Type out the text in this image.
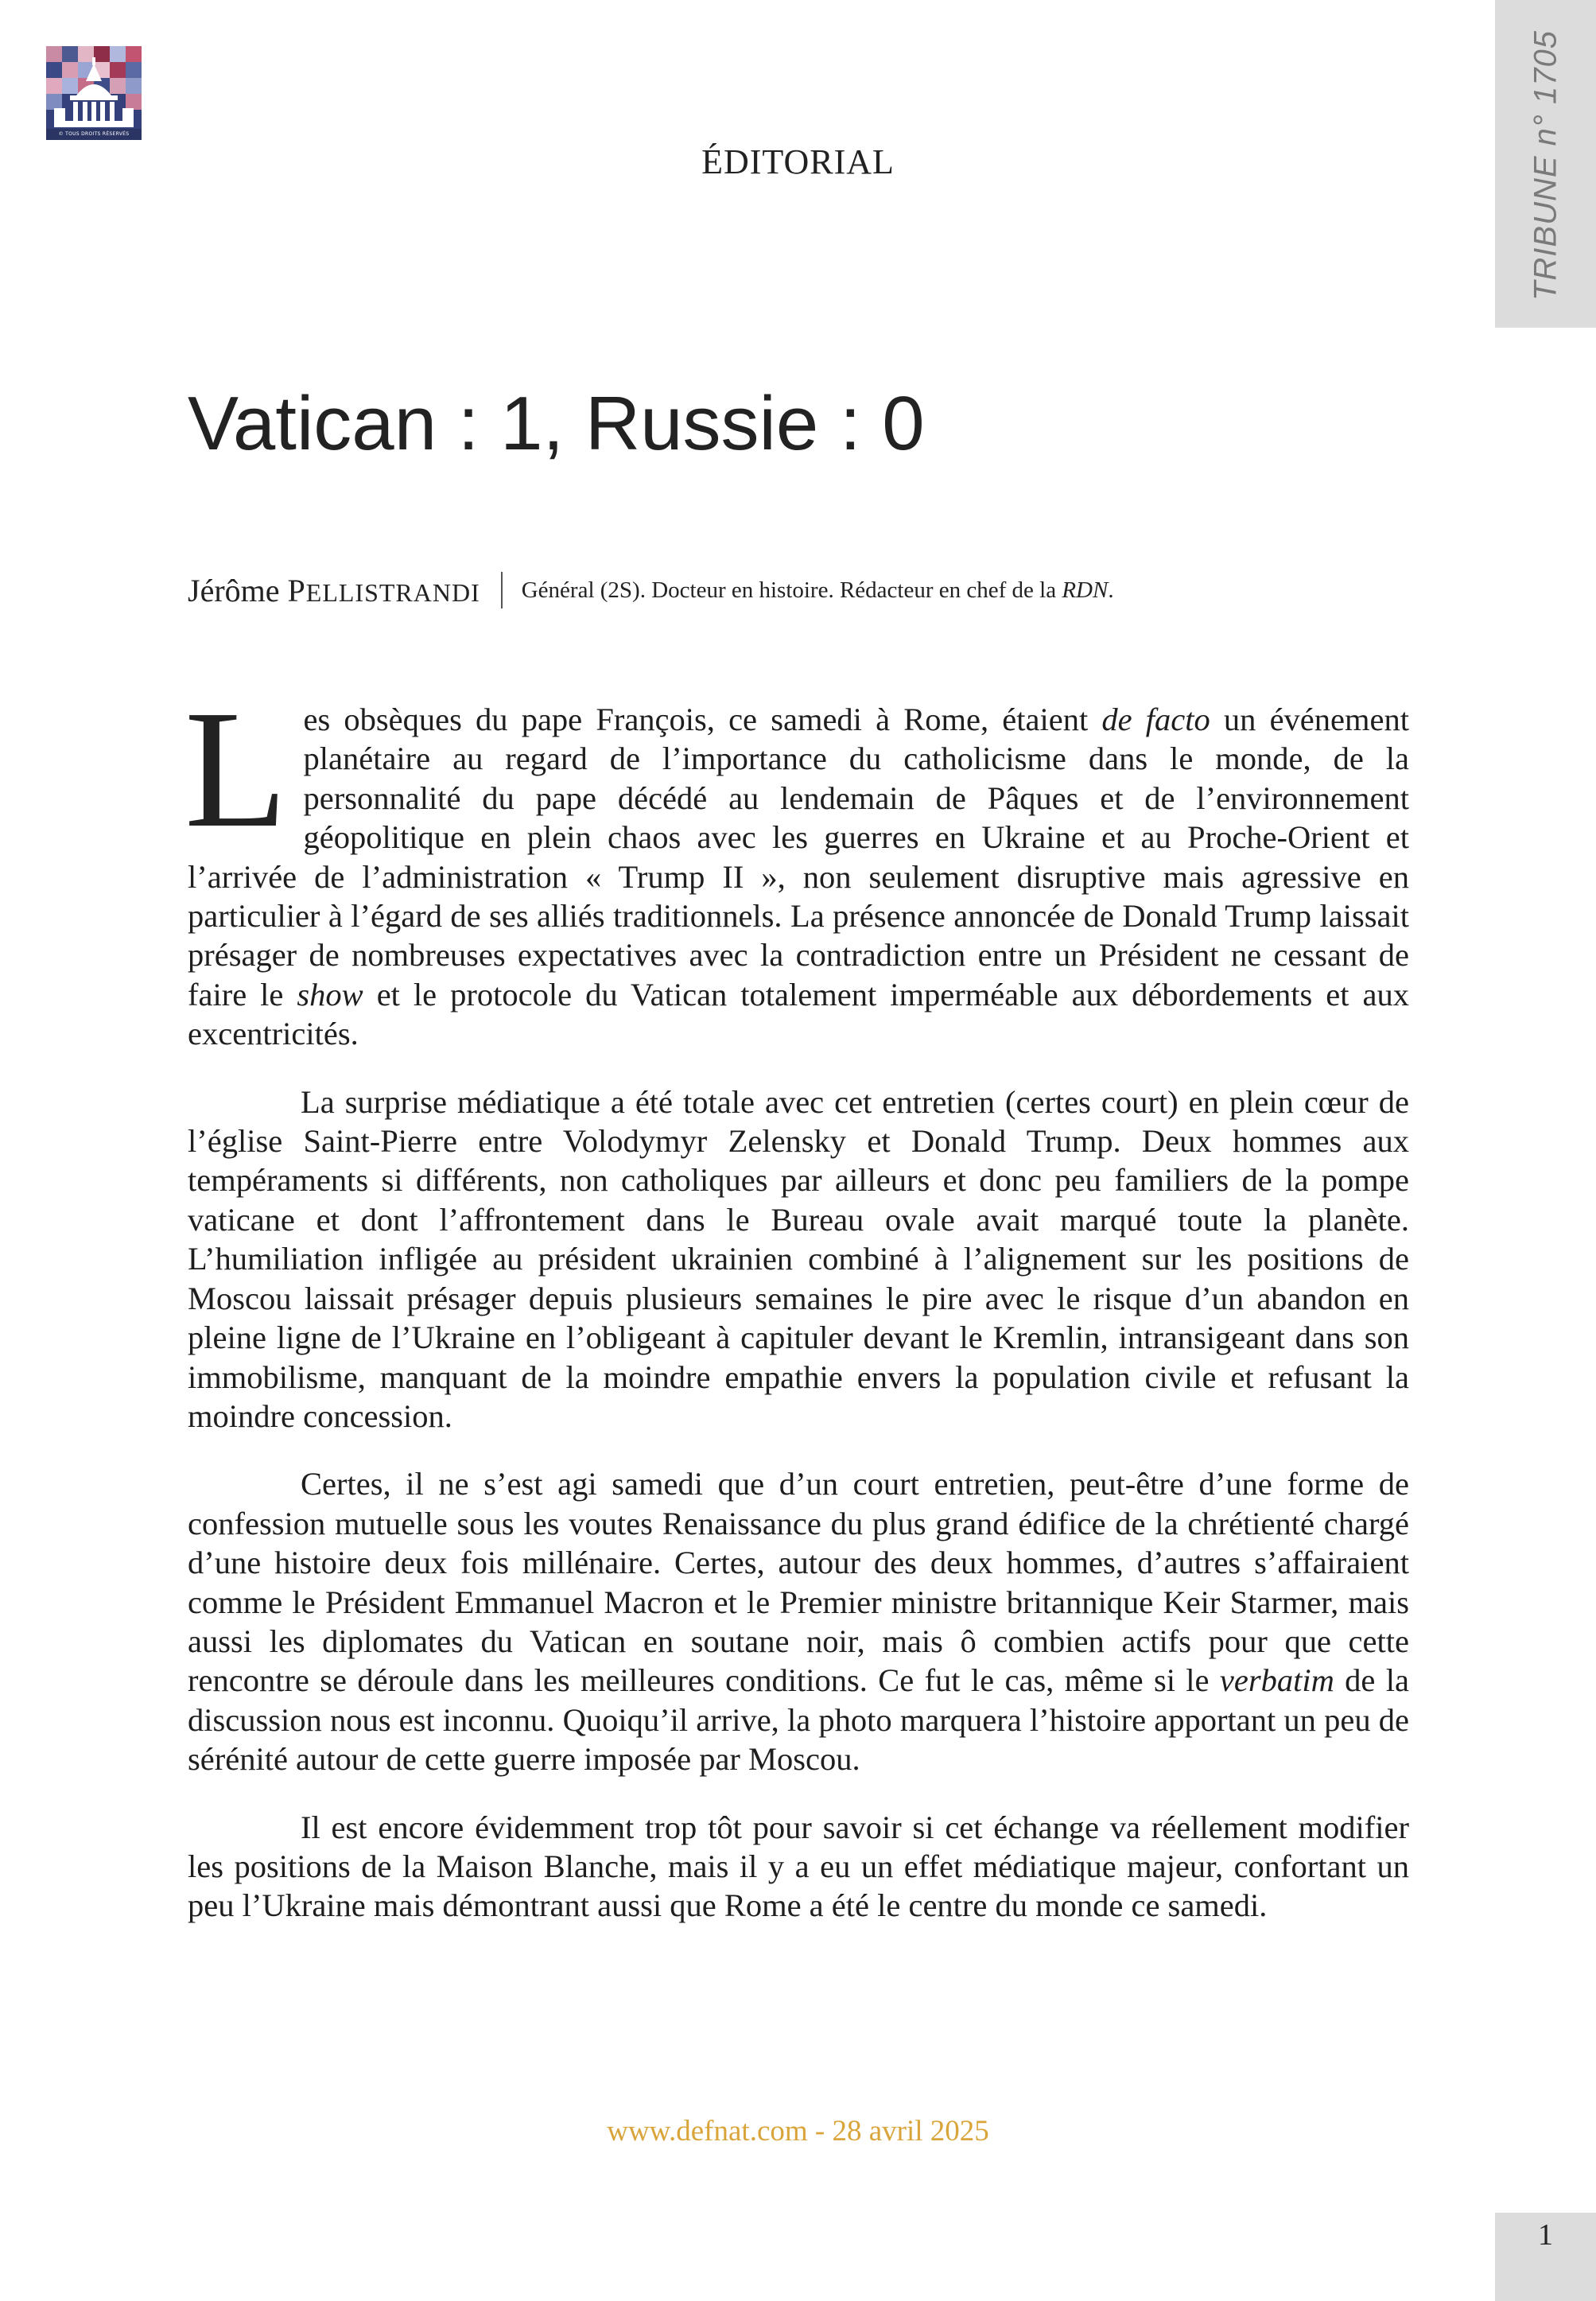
© TOUS DROITS RÉSERVÉS	TRIBUNE n° 1705
ÉDITORIAL
Vatican : 1, Russie : 0
Jérôme PELLISTRANDI Général (2S). Docteur en histoire. Rédacteur en chef de la RDN.

Les obsèques du pape François, ce samedi à Rome, étaient de facto un événement planétaire au regard de l’importance du catholicisme dans le monde, de la personnalité du pape décédé au lendemain de Pâques et de l’environnement géopolitique en plein chaos avec les guerres en Ukraine et au Proche-Orient et l’arrivée de l’administration « Trump II », non seulement disruptive mais agressive en particulier à l’égard de ses alliés traditionnels. La présence annoncée de Donald Trump laissait présager de nombreuses expectatives avec la contradiction entre un Président ne cessant de faire le show et le protocole du Vatican totalement imperméable aux débordements et aux excentricités.

La surprise médiatique a été totale avec cet entretien (certes court) en plein cœur de l’église Saint-Pierre entre Volodymyr Zelensky et Donald Trump. Deux hommes aux tempéraments si différents, non catholiques par ailleurs et donc peu familiers de la pompe vaticane et dont l’affrontement dans le Bureau ovale avait marqué toute la planète. L’humiliation infligée au président ukrainien combiné à l’alignement sur les positions de Moscou laissait présager depuis plusieurs semaines le pire avec le risque d’un abandon en pleine ligne de l’Ukraine en l’obligeant à capituler devant le Kremlin, intransigeant dans son immobilisme, manquant de la moindre empathie envers la population civile et refusant la moindre concession.

Certes, il ne s’est agi samedi que d’un court entretien, peut-être d’une forme de confession mutuelle sous les voutes Renaissance du plus grand édifice de la chrétienté chargé d’une histoire deux fois millénaire. Certes, autour des deux hommes, d’autres s’affairaient comme le Président Emmanuel Macron et le Premier ministre britannique Keir Starmer, mais aussi les diplomates du Vatican en soutane noir, mais ô combien actifs pour que cette rencontre se déroule dans les meilleures conditions. Ce fut le cas, même si le verbatim de la discussion nous est inconnu. Quoiqu’il arrive, la photo marquera l’histoire apportant un peu de sérénité autour de cette guerre imposée par Moscou.

Il est encore évidemment trop tôt pour savoir si cet échange va réellement modifier les positions de la Maison Blanche, mais il y a eu un effet médiatique majeur, confortant un peu l’Ukraine mais démontrant aussi que Rome a été le centre du monde ce samedi.

www.defnat.com - 28 avril 2025
1
